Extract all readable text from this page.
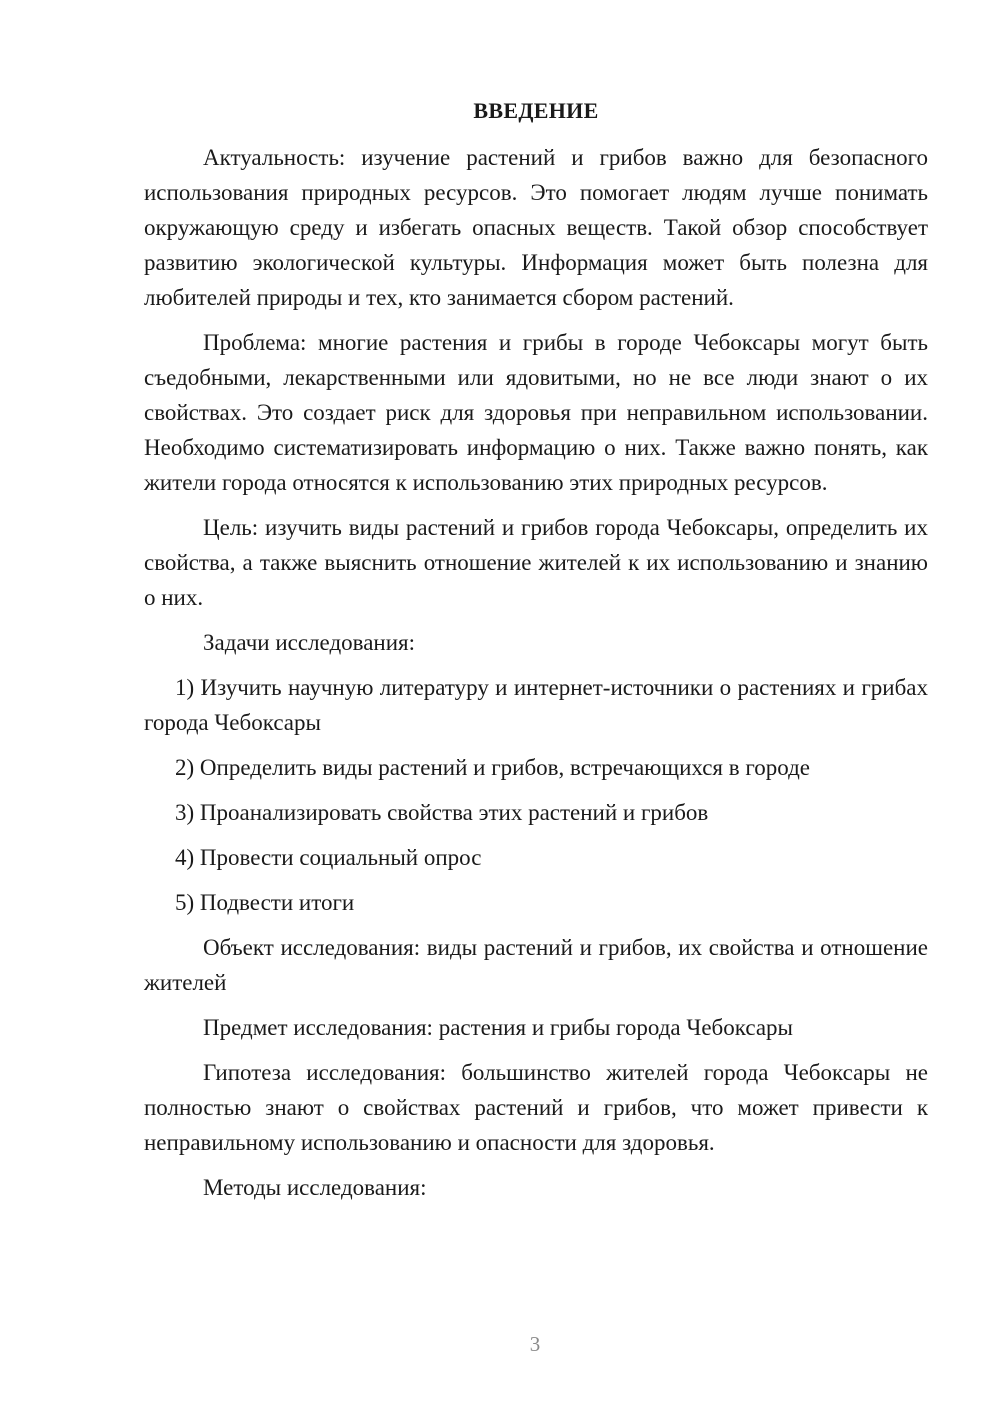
ВВЕДЕНИЕ

Актуальность: изучение растений и грибов важно для безопасного использования природных ресурсов. Это помогает людям лучше понимать окружающую среду и избегать опасных веществ. Такой обзор способствует развитию экологической культуры. Информация может быть полезна для любителей природы и тех, кто занимается сбором растений.

Проблема: многие растения и грибы в городе Чебоксары могут быть съедобными, лекарственными или ядовитыми, но не все люди знают о их свойствах. Это создает риск для здоровья при неправильном использовании. Необходимо систематизировать информацию о них. Также важно понять, как жители города относятся к использованию этих природных ресурсов.

Цель: изучить виды растений и грибов города Чебоксары, определить их свойства, а также выяснить отношение жителей к их использованию и знанию о них.

Задачи исследования:

1) Изучить научную литературу и интернет-источники о растениях и грибах города Чебоксары

2) Определить виды растений и грибов, встречающихся в городе

3) Проанализировать свойства этих растений и грибов

4) Провести социальный опрос

5) Подвести итоги

Объект исследования: виды растений и грибов, их свойства и отношение жителей

Предмет исследования: растения и грибы города Чебоксары

Гипотеза исследования: большинство жителей города Чебоксары не полностью знают о свойствах растений и грибов, что может привести к неправильному использованию и опасности для здоровья.

Методы исследования:

3
